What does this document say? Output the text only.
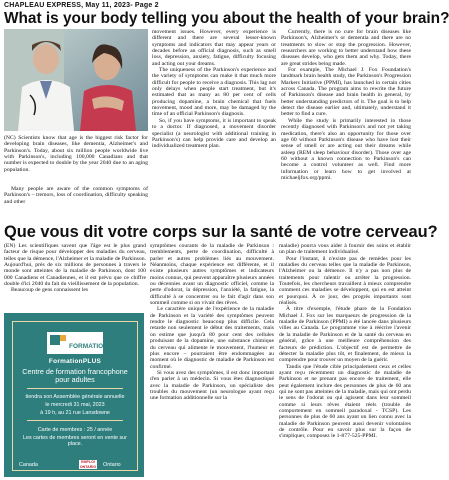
CHAPLEAU EXPRESS, May 11, 2023- Page 2
What is your body telling you about the health of your brain?
(NC) Scientists know that age is the biggest risk factor for developing brain diseases, like dementia, Alzheimer's and Parkinson's. Today, about six million people worldwide live with Parkinson's, including 100,000 Canadians and that number is expected to double by the year 2040 due to an aging population.

Many people are aware of the common symptoms of Parkinson's – tremors, loss of coordination, difficulty speaking and other

movement issues. However, every experience is different and there are several lesser-known symptoms and indicators that may appear years or decades before an official diagnosis, such as smell loss, depression, anxiety, fatigue, difficulty focusing and acting out your dreams.

The uniqueness of the Parkinson's experience and the variety of symptoms can make it that much more difficult for people to receive a diagnosis. This lag not only delays when people start treatment, but it's estimated that as many as 80 per cent of cells producing dopamine, a brain chemical that fuels movement, mood and more, may be damaged by the time of an official Parkinson's diagnosis.

So, if you have symptoms, it is important to speak to a doctor. If diagnosed, a movement disorder specialist (a neurologist with additional training in Parkinson's) can help provide care and develop an individualized treatment plan.

Currently, there is no cure for brain diseases like Parkinson's, Alzheimer's or dementia and there are no treatments to slow or stop the progression. However, researchers are working to better understand how these diseases develop, who gets them and why. Today, there are great strides being made.

For example, The Michael J. Fox Foundation's landmark brain health study, the Parkinson's Progression Markers Initiative (PPMI), has launched in certain cities across Canada. The program aims to rewrite the future of Parkinson's disease and brain health in general, by better understanding predictors of it. The goal is to help detect the disease earlier and, ultimately, understand it better to find a cure.

While the study is primarily interested in those recently diagnosed with Parkinson's and not yet taking medication, there's also an opportunity for those over age 60 without Parkinson's disease who have lost their sense of smell or are acting out their dreams while asleep (REM sleep behaviour disorder). Those over age 60 without a known connection to Parkinson's can become a control volunteer as well. Find more information or learn how to get involved at michaeljfox.org/ppmi.

Que vous dit votre corps sur la santé de votre cerveau?

(EN) Les scientifiques savent que l'âge est le plus grand facteur de risque pour développer des maladies du cerveau, telles que la démence, l'Alzheimer et la maladie de Parkinson. Aujourd'hui, près de six millions de personnes à travers le monde sont atteintes de la maladie de Parkinson, dont 100 000 Canadiens et Canadiennes, et il est prévu que ce chiffre double d'ici 2040 du fait du vieillissement de la population.

Beaucoup de gens connaissent les

FORMATION
FormationPLUS
Centre de formation francophone pour adultes
tiendra son Assemblée générale annuelle
le mercredi 31 mai, 2023
à 19 h, au 21 rue Lansdowne
Carte de membres : 25 / année
Les cartes de membres seront en vente sur place.
Canada	EMPLOI ONTARIO Ontario

symptômes courants de la maladie de Parkinson : tremblements, perte de coordination, difficulté à parler et autres problèmes liés au mouvement. Néanmoins, chaque expérience est différente, et il existe plusieurs autres symptômes et indicateurs moins connus, qui peuvent apparaître plusieurs années ou décennies avant un diagnostic officiel, comme la perte d'odorat, la dépression, l'anxiété, la fatigue, la difficulté à se concentrer ou le fait d'agir dans son sommeil comme si on vivait des rêves.

Le caractère unique de l'expérience de la maladie de Parkinson et la variété des symptômes peuvent rendre le diagnostic beaucoup plus difficile. Cela retarde non seulement le début des traitements, mais on estime que jusqu'à 80 pour cent des cellules produisant de la dopamine, une substance chimique du cerveau qui alimente le mouvement, l'humeur et plus encore – pourraient être endommagées au moment où le diagnostic de maladie de Parkinson est confirmé.

Si vous avez des symptômes, il est donc important d'en parler à un médecin. Si vous êtes diagnostiqué avec la maladie de Parkinson, un spécialiste des troubles du mouvement (un neurologue ayant reçu une formation additionnelle sur la

maladie) pourra vous aider à fournir des soins et établir un plan de traitement individualisé.

Pour l'instant, il n'existe pas de remèdes pour les maladies du cerveau telles que la maladie de Parkinson, l'Alzheimer ou la démence. Il n'y a pas non plus de traitements pour ralentir ou arrêter la progression. Toutefois, les chercheurs travaillent à mieux comprendre comment ces maladies se développent, qui en est atteint et pourquoi. À ce jour, des progrès importants sont réalisés.

À titre d'exemple, l'étude phare de la Fondation Michael J. Fox sur les marqueurs de progression de la maladie de Parkinson (PPMI) a été lancée dans plusieurs villes au Canada. Le programme vise à réécrire l'avenir de la maladie de Parkinson et de la santé du cerveau en général, grâce à une meilleure compréhension des facteurs de prédiction. L'objectif est de permettre de détecter la maladie plus tôt, et finalement, de mieux la comprendre pour trouver un moyen de la guérir.

Tandis que l'étude cible principalement ceux et celles ayant reçu récemment un diagnostic de maladie de Parkinson et ne prenant pas encore de traitement, elle peut également inclure des personnes de plus de 60 ans qui ne sont pas atteintes de la maladie, mais qui ont perdu le sens de l'odorat ou qui agissent dans leur sommeil comme si leurs rêves étaient réels (trouble de comportement en sommeil paradoxal - TCSP). Les personnes de plus de 60 ans ayant un lien connu avec la maladie de Parkinson peuvent aussi devenir volontaires de contrôle. Pour en savoir plus sur la façon de s'impliquer, composez le 1-877-525-PPMI.
